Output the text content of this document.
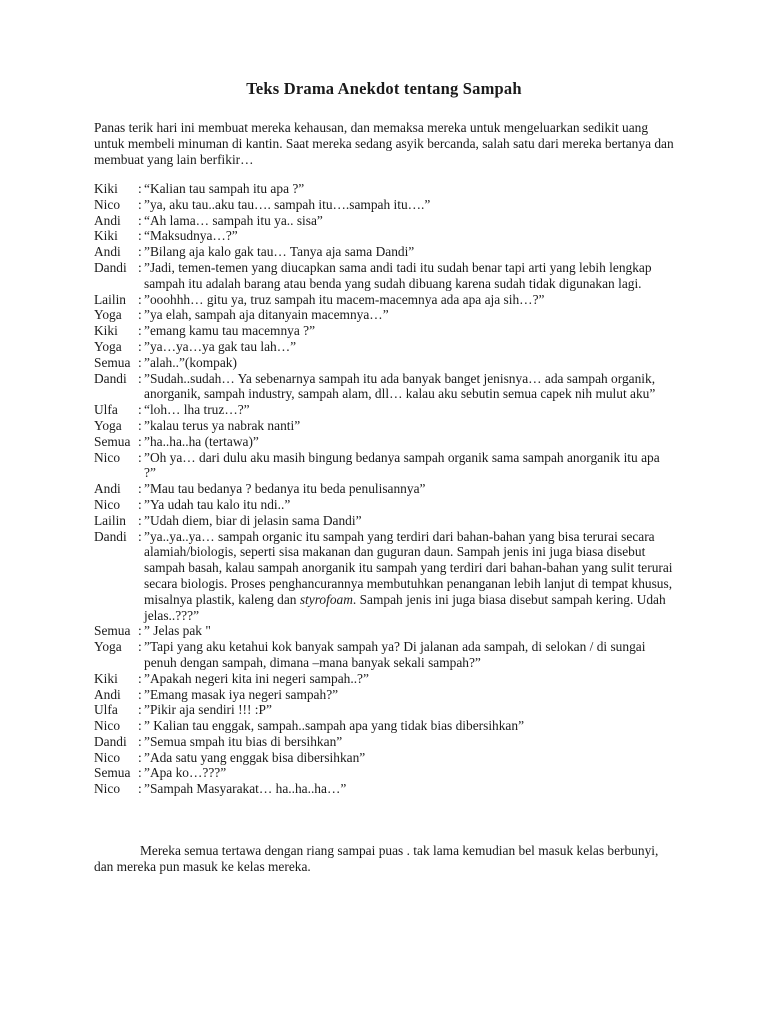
Teks Drama Anekdot tentang Sampah

Panas terik hari ini membuat mereka kehausan, dan memaksa mereka untuk mengeluarkan sedikit uang untuk membeli minuman di kantin. Saat mereka sedang asyik bercanda, salah satu dari mereka bertanya dan membuat yang lain berfikir…

Kiki	: “Kalian tau sampah itu apa ?”
Nico	: ”ya, aku tau..aku tau…. sampah itu….sampah itu….”
Andi	: “Ah lama… sampah itu ya.. sisa”
Kiki	: “Maksudnya…?”
Andi	: ”Bilang aja kalo gak tau… Tanya aja sama Dandi”
Dandi : ”Jadi, temen-temen yang diucapkan sama andi tadi itu sudah benar tapi arti yang lebih lengkap sampah itu adalah barang atau benda yang sudah dibuang karena sudah tidak digunakan lagi.
Lailin : ”ooohhh… gitu ya, truz sampah itu macem-macemnya ada apa aja sih…?”
Yoga	: ”ya elah, sampah aja ditanyain macemnya…”
Kiki	: ”emang kamu tau macemnya ?”
Yoga	: ”ya…ya…ya gak tau lah…”
Semua : ”alah..”(kompak)
Dandi : ”Sudah..sudah… Ya sebenarnya sampah itu ada banyak banget jenisnya… ada sampah organik, anorganik, sampah industry, sampah alam, dll… kalau aku sebutin semua capek nih mulut aku”
Ulfa	: “loh… lha truz…?”
Yoga	: ”kalau terus ya nabrak nanti”
Semua : ”ha..ha..ha (tertawa)”
Nico	: ”Oh ya… dari dulu aku masih bingung bedanya sampah organik sama sampah anorganik itu apa ?”
Andi	: ”Mau tau bedanya ? bedanya itu beda penulisannya”
Nico	: ”Ya udah tau kalo itu ndi..”
Lailin : ”Udah diem, biar di jelasin sama Dandi”
Dandi : ”ya..ya..ya… sampah organic itu sampah yang terdiri dari bahan-bahan yang bisa terurai secara alamiah/biologis, seperti sisa makanan dan guguran daun. Sampah jenis ini juga biasa disebut sampah basah, kalau sampah anorganik itu sampah yang terdiri dari bahan-bahan yang sulit terurai secara biologis. Proses penghancurannya membutuhkan penanganan lebih lanjut di tempat khusus, misalnya plastik, kaleng dan styrofoam. Sampah jenis ini juga biasa disebut sampah kering. Udah jelas..???”
Semua : ” Jelas pak "
Yoga	: ”Tapi yang aku ketahui kok banyak sampah ya? Di jalanan ada sampah, di selokan / di sungai penuh dengan sampah, dimana –mana banyak sekali sampah?”
Kiki	: ”Apakah negeri kita ini negeri sampah..?”
Andi	: ”Emang masak iya negeri sampah?”
Ulfa	: ”Pikir aja sendiri !!! :P”
Nico	: ” Kalian tau enggak, sampah..sampah apa yang tidak bias dibersihkan”
Dandi : ”Semua smpah itu bias di bersihkan”
Nico	: ”Ada satu yang enggak bisa dibersihkan”
Semua : ”Apa ko…???”
Nico	: ”Sampah Masyarakat… ha..ha..ha…”

Mereka semua tertawa dengan riang sampai puas . tak lama kemudian bel masuk kelas berbunyi, dan mereka pun masuk ke kelas mereka.
